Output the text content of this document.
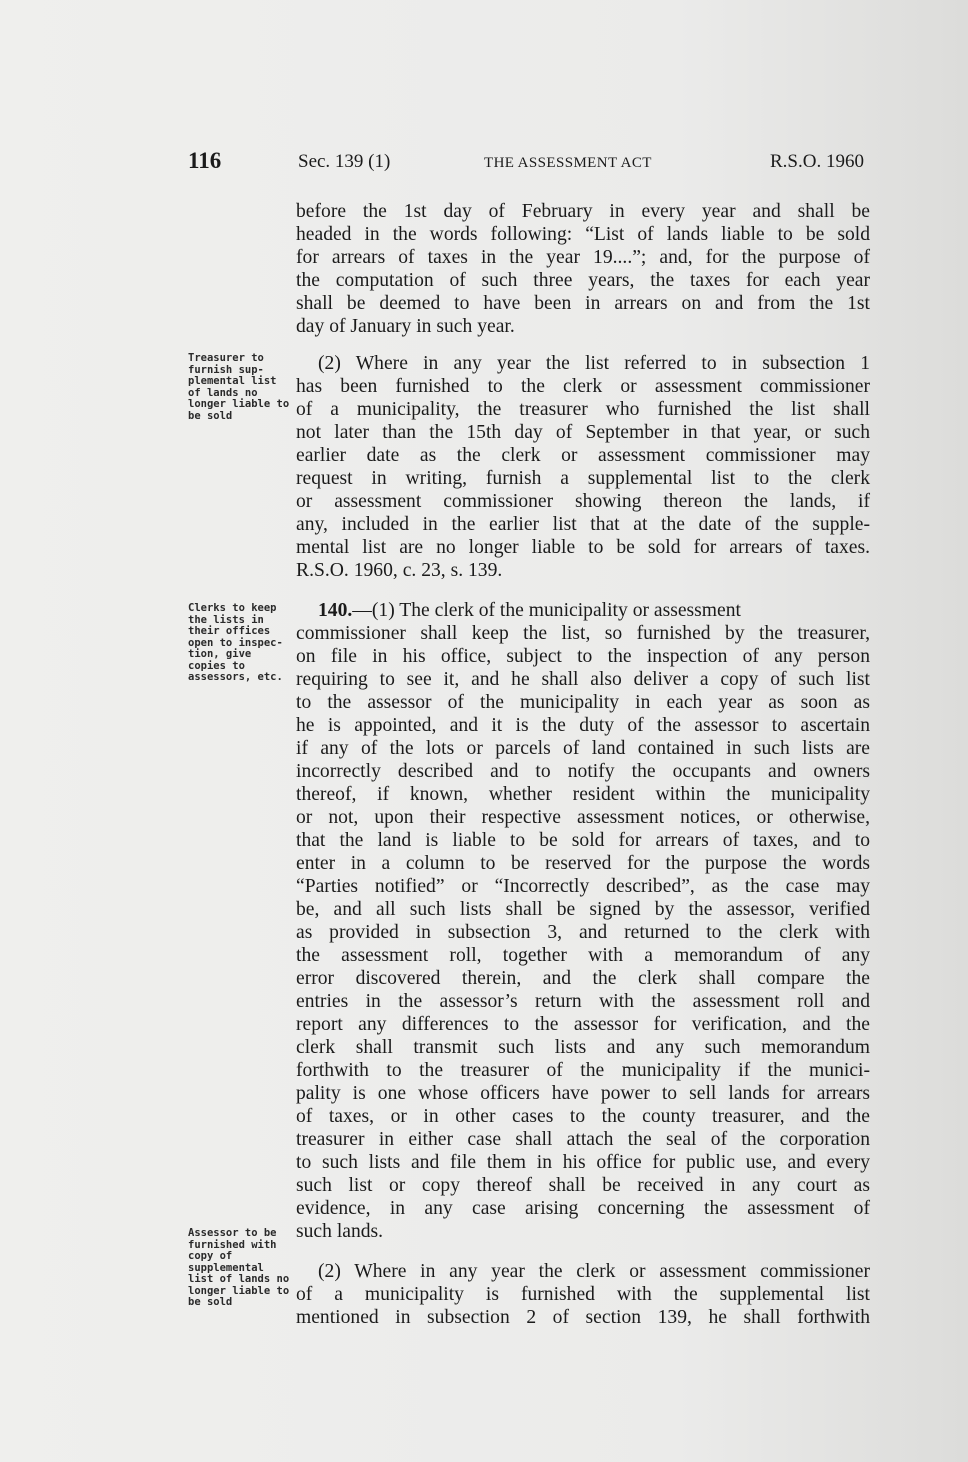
116	Sec. 139 (1)	THE ASSESSMENT ACT	R.S.O. 1960
Treasurer to furnish sup-plemental list of lands no longer liable to be sold
Clerks to keep the lists in their offices open to inspec-tion, give copies to assessors, etc.
Assessor to be furnished with copy of supplemental list of lands no longer liable to be sold
before the 1st day of February in every year and shall be
headed in the words following: “List of lands liable to be sold
for arrears of taxes in the year 19....”; and, for the purpose of
the computation of such three years, the taxes for each year
shall be deemed to have been in arrears on and from the 1st
day of January in such year.
(2) Where in any year the list referred to in subsection 1
has been furnished to the clerk or assessment commissioner
of a municipality, the treasurer who furnished the list shall
not later than the 15th day of September in that year, or such
earlier date as the clerk or assessment commissioner may
request in writing, furnish a supplemental list to the clerk
or assessment commissioner showing thereon the lands, if
any, included in the earlier list that at the date of the supple-
mental list are no longer liable to be sold for arrears of taxes.
R.S.O. 1960, c. 23, s. 139.
140.—(1) The clerk of the municipality or assessment
commissioner shall keep the list, so furnished by the treasurer,
on file in his office, subject to the inspection of any person
requiring to see it, and he shall also deliver a copy of such list
to the assessor of the municipality in each year as soon as
he is appointed, and it is the duty of the assessor to ascertain
if any of the lots or parcels of land contained in such lists are
incorrectly described and to notify the occupants and owners
thereof, if known, whether resident within the municipality
or not, upon their respective assessment notices, or otherwise,
that the land is liable to be sold for arrears of taxes, and to
enter in a column to be reserved for the purpose the words
“Parties notified” or “Incorrectly described”, as the case may
be, and all such lists shall be signed by the assessor, verified
as provided in subsection 3, and returned to the clerk with
the assessment roll, together with a memorandum of any
error discovered therein, and the clerk shall compare the
entries in the assessor’s return with the assessment roll and
report any differences to the assessor for verification, and the
clerk shall transmit such lists and any such memorandum
forthwith to the treasurer of the municipality if the munici-
pality is one whose officers have power to sell lands for arrears
of taxes, or in other cases to the county treasurer, and the
treasurer in either case shall attach the seal of the corporation
to such lists and file them in his office for public use, and every
such list or copy thereof shall be received in any court as
evidence, in any case arising concerning the assessment of
such lands.
(2) Where in any year the clerk or assessment commissioner
of a municipality is furnished with the supplemental list
mentioned in subsection 2 of section 139, he shall forthwith
